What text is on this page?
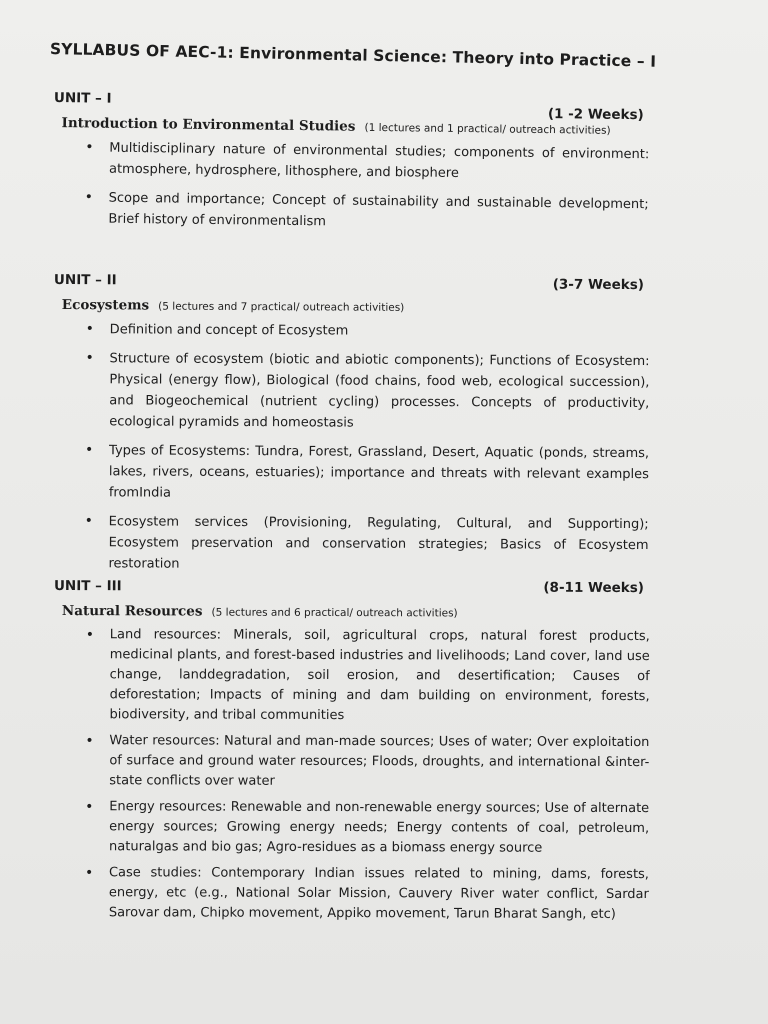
SYLLABUS OF AEC-1: Environmental Science: Theory into Practice – I
UNIT – I
(1 -2 Weeks)
Introduction to Environmental Studies (1 lectures and 1 practical/ outreach activities)
• Multidisciplinary nature of environmental studies; components of environment: atmosphere, hydrosphere, lithosphere, and biosphere
• Scope and importance; Concept of sustainability and sustainable development; Brief history of environmentalism
UNIT – II	(3-7 Weeks)
Ecosystems (5 lectures and 7 practical/ outreach activities)
• Definition and concept of Ecosystem
• Structure of ecosystem (biotic and abiotic components); Functions of Ecosystem: Physical (energy flow), Biological (food chains, food web, ecological succession), and Biogeochemical (nutrient cycling) processes. Concepts of productivity, ecological pyramids and homeostasis
• Types of Ecosystems: Tundra, Forest, Grassland, Desert, Aquatic (ponds, streams, lakes, rivers, oceans, estuaries); importance and threats with relevant examples fromIndia
• Ecosystem services (Provisioning, Regulating, Cultural, and Supporting); Ecosystem preservation and conservation strategies; Basics of Ecosystem restoration
UNIT – III	(8-11 Weeks)
Natural Resources (5 lectures and 6 practical/ outreach activities)
• Land resources: Minerals, soil, agricultural crops, natural forest products, medicinal plants, and forest-based industries and livelihoods; Land cover, land use change, landdegradation, soil erosion, and desertification; Causes of deforestation; Impacts of mining and dam building on environment, forests, biodiversity, and tribal communities
• Water resources: Natural and man-made sources; Uses of water; Over exploitation of surface and ground water resources; Floods, droughts, and international &inter-state conflicts over water
• Energy resources: Renewable and non-renewable energy sources; Use of alternate energy sources; Growing energy needs; Energy contents of coal, petroleum, naturalgas and bio gas; Agro-residues as a biomass energy source
• Case studies: Contemporary Indian issues related to mining, dams, forests, energy, etc (e.g., National Solar Mission, Cauvery River water conflict, Sardar Sarovar dam, Chipko movement, Appiko movement, Tarun Bharat Sangh, etc)
